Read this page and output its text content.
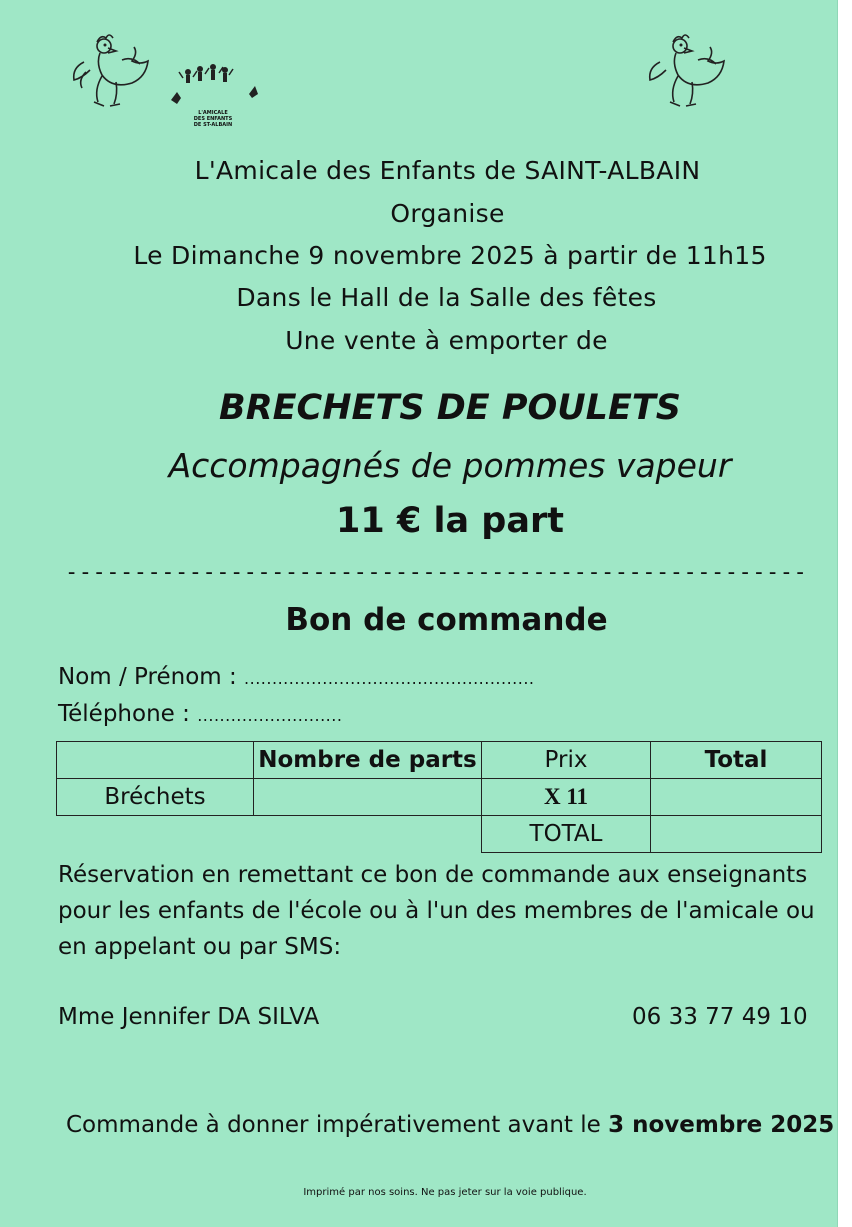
L'AMICALE
DES ENFANTS
DE ST-ALBAIN
L'Amicale des Enfants de SAINT-ALBAIN
Organise
Le Dimanche 9 novembre 2025 à partir de 11h15
Dans le Hall de la Salle des fêtes
Une vente à emporter de
BRECHETS DE POULETS
Accompagnés de pommes vapeur
11 € la part
------------------------------------------------------
Bon de commande
Nom / Prénom : ....................................................
Téléphone : ..........................
	Nombre de parts	Prix	Total
Bréchets		X 11	
		TOTAL	
Réservation en remettant ce bon de commande aux enseignants pour les enfants de l'école ou à l'un des membres de l'amicale ou en appelant ou par SMS:
Mme Jennifer DA SILVA	06 33 77 49 10
Commande à donner impérativement avant le 3 novembre 2025
Imprimé par nos soins. Ne pas jeter sur la voie publique.
